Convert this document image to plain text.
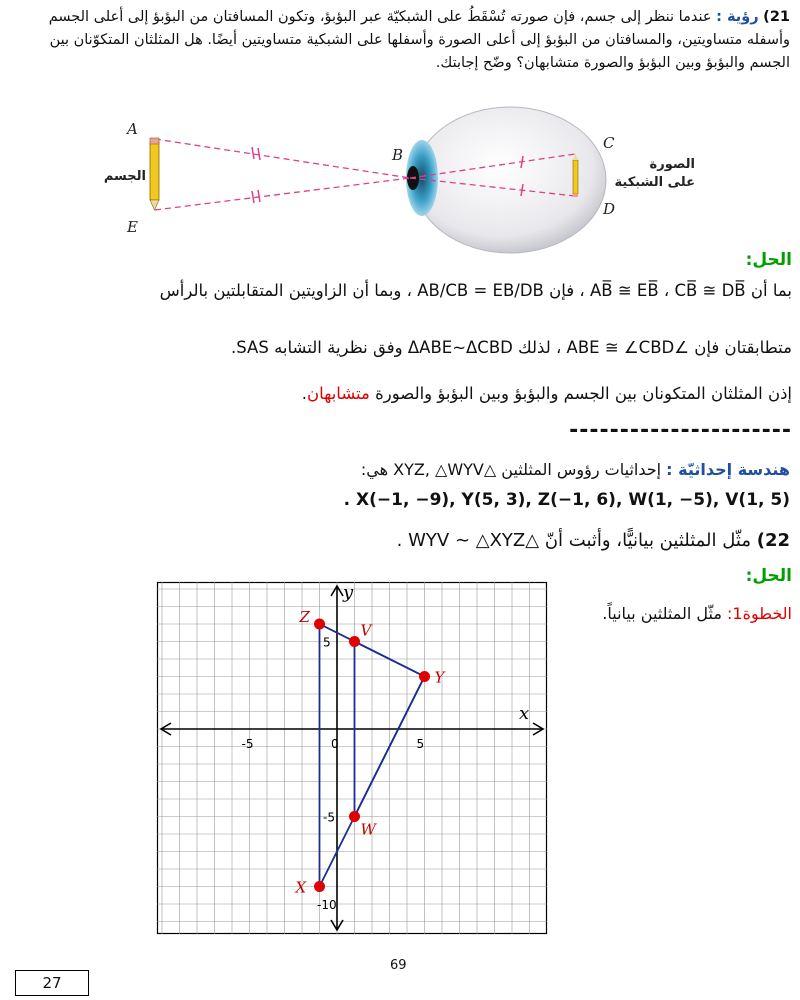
21) رؤية : عندما ننظر إلى جسم، فإن صورته تُسْقَطُ على الشبكيّة عبر البؤبؤ، وتكون المسافتان من البؤبؤ إلى أعلى الجسم وأسفله متساويتين، والمسافتان من البؤبؤ إلى أعلى الصورة وأسفلها على الشبكية متساويتين أيضًا. هل المثلثان المتكوّنان بين الجسم والبؤبؤ وبين البؤبؤ والصورة متشابهان؟ وضّح إجابتك.
A
E
B
C
D
الجسم
الصورة
على الشبكية
الحل:
بما أن AB̅ ≅ EB̅ ، CB̅ ≅ DB̅ ، فإن AB/CB = EB/DB ، وبما أن الزاويتين المتقابلتين بالرأس
متطابقتان فإن ∠ABE ≅ ∠CBD ، لذلك ΔABE∼ΔCBD وفق نظرية التشابه SAS.
إذن المثلثان المتكونان بين الجسم والبؤبؤ وبين البؤبؤ والصورة متشابهان.
----------------------
هندسة إحداثيّة : إحداثيات رؤوس المثلثين △XYZ, △WYV هي:
. X(−1, −9), Y(5, 3), Z(−1, 6), W(1, −5), V(1, 5)
22) مثّل المثلثين بيانيًّا، وأثبت أنّ △WYV ∼ △XYZ .
الحل:
الخطوة1: مثّل المثلثين بيانياً.
x
y
-5	0	5
5
-5
-10
X
Y
Z
W
V
69
27
